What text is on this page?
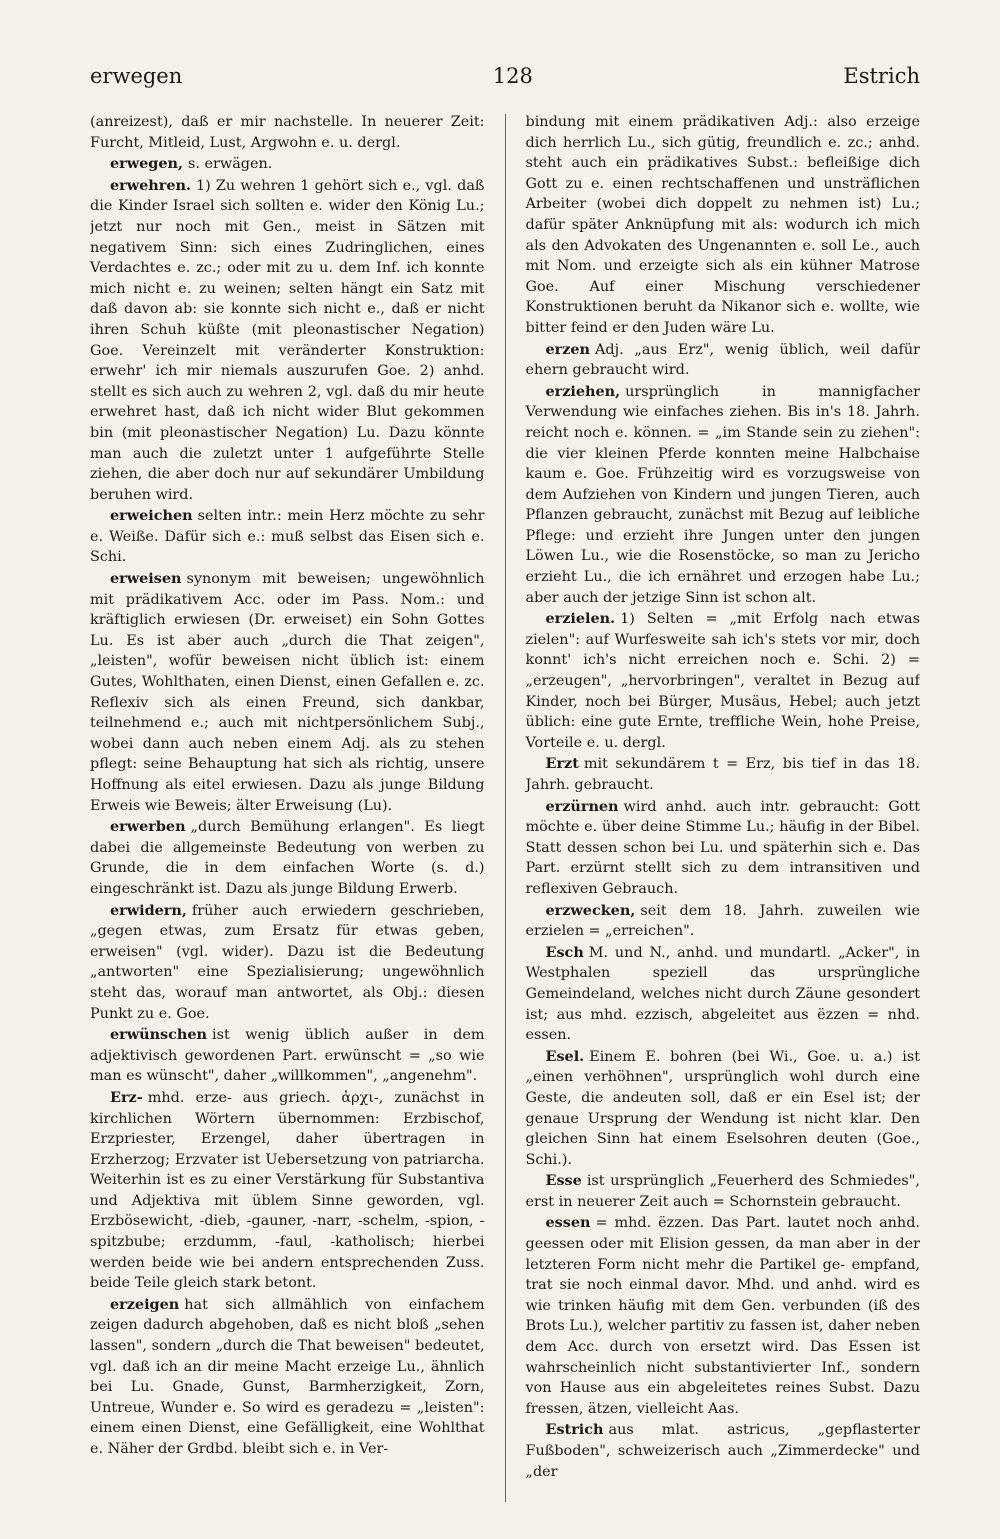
erwegen	128	Estrich

(anreizest), daß er mir nachstelle. In neuerer Zeit: Furcht, Mitleid, Lust, Argwohn e. u. dergl.

erwegen, s. erwägen.

erwehren. 1) Zu wehren 1 gehört sich e., vgl. daß die Kinder Israel sich sollten e. wider den König Lu.; jetzt nur noch mit Gen., meist in Sätzen mit negativem Sinn: sich eines Zudringlichen, eines Verdachtes e. zc.; oder mit zu u. dem Inf. ich konnte mich nicht e. zu weinen; selten hängt ein Satz mit daß davon ab: sie konnte sich nicht e., daß er nicht ihren Schuh küßte (mit pleonastischer Negation) Goe. Vereinzelt mit veränderter Konstruktion: erwehr' ich mir niemals auszurufen Goe. 2) anhd. stellt es sich auch zu wehren 2, vgl. daß du mir heute erwehret hast, daß ich nicht wider Blut gekommen bin (mit pleonastischer Negation) Lu. Dazu könnte man auch die zuletzt unter 1 aufgeführte Stelle ziehen, die aber doch nur auf sekundärer Umbildung beruhen wird.

erweichen selten intr.: mein Herz möchte zu sehr e. Weiße. Dafür sich e.: muß selbst das Eisen sich e. Schi.

erweisen synonym mit beweisen; ungewöhnlich mit prädikativem Acc. oder im Pass. Nom.: und kräftiglich erwiesen (Dr. erweiset) ein Sohn Gottes Lu. Es ist aber auch „durch die That zeigen", „leisten", wofür beweisen nicht üblich ist: einem Gutes, Wohlthaten, einen Dienst, einen Gefallen e. zc. Reflexiv sich als einen Freund, sich dankbar, teilnehmend e.; auch mit nichtpersönlichem Subj., wobei dann auch neben einem Adj. als zu stehen pflegt: seine Behauptung hat sich als richtig, unsere Hoffnung als eitel erwiesen. Dazu als junge Bildung Erweis wie Beweis; älter Erweisung (Lu).

erwerben „durch Bemühung erlangen". Es liegt dabei die allgemeinste Bedeutung von werben zu Grunde, die in dem einfachen Worte (s. d.) eingeschränkt ist. Dazu als junge Bildung Erwerb.

erwidern, früher auch erwiedern geschrieben, „gegen etwas, zum Ersatz für etwas geben, erweisen" (vgl. wider). Dazu ist die Bedeutung „antworten" eine Spezialisierung; ungewöhnlich steht das, worauf man antwortet, als Obj.: diesen Punkt zu e. Goe.

erwünschen ist wenig üblich außer in dem adjektivisch gewordenen Part. erwünscht = „so wie man es wünscht", daher „willkommen", „angenehm".

Erz- mhd. erze- aus griech. ἀρχι-, zunächst in kirchlichen Wörtern übernommen: Erzbischof, Erzpriester, Erzengel, daher übertragen in Erzherzog; Erzvater ist Uebersetzung von patriarcha. Weiterhin ist es zu einer Verstärkung für Substantiva und Adjektiva mit üblem Sinne geworden, vgl. Erzbösewicht, -dieb, -gauner, -narr, -schelm, -spion, -spitzbube; erzdumm, -faul, -katholisch; hierbei werden beide wie bei andern entsprechenden Zuss. beide Teile gleich stark betont.

erzeigen hat sich allmählich von einfachem zeigen dadurch abgehoben, daß es nicht bloß „sehen lassen", sondern „durch die That beweisen" bedeutet, vgl. daß ich an dir meine Macht erzeige Lu., ähnlich bei Lu. Gnade, Gunst, Barmherzigkeit, Zorn, Untreue, Wunder e. So wird es geradezu = „leisten": einem einen Dienst, eine Gefälligkeit, eine Wohlthat e. Näher der Grdbd. bleibt sich e. in Ver-

bindung mit einem prädikativen Adj.: also erzeige dich herrlich Lu., sich gütig, freundlich e. zc.; anhd. steht auch ein prädikatives Subst.: befleißige dich Gott zu e. einen rechtschaffenen und unsträflichen Arbeiter (wobei dich doppelt zu nehmen ist) Lu.; dafür später Anknüpfung mit als: wodurch ich mich als den Advokaten des Ungenannten e. soll Le., auch mit Nom. und erzeigte sich als ein kühner Matrose Goe. Auf einer Mischung verschiedener Konstruktionen beruht da Nikanor sich e. wollte, wie bitter feind er den Juden wäre Lu.

erzen Adj. „aus Erz", wenig üblich, weil dafür ehern gebraucht wird.

erziehen, ursprünglich in mannigfacher Verwendung wie einfaches ziehen. Bis in's 18. Jahrh. reicht noch e. können. = „im Stande sein zu ziehen": die vier kleinen Pferde konnten meine Halbchaise kaum e. Goe. Frühzeitig wird es vorzugsweise von dem Aufziehen von Kindern und jungen Tieren, auch Pflanzen gebraucht, zunächst mit Bezug auf leibliche Pflege: und erzieht ihre Jungen unter den jungen Löwen Lu., wie die Rosenstöcke, so man zu Jericho erzieht Lu., die ich ernähret und erzogen habe Lu.; aber auch der jetzige Sinn ist schon alt.

erzielen. 1) Selten = „mit Erfolg nach etwas zielen": auf Wurfesweite sah ich's stets vor mir, doch konnt' ich's nicht erreichen noch e. Schi. 2) = „erzeugen", „hervorbringen", veraltet in Bezug auf Kinder, noch bei Bürger, Musäus, Hebel; auch jetzt üblich: eine gute Ernte, treffliche Wein, hohe Preise, Vorteile e. u. dergl.

Erzt mit sekundärem t = Erz, bis tief in das 18. Jahrh. gebraucht.

erzürnen wird anhd. auch intr. gebraucht: Gott möchte e. über deine Stimme Lu.; häufig in der Bibel. Statt dessen schon bei Lu. und späterhin sich e. Das Part. erzürnt stellt sich zu dem intransitiven und reflexiven Gebrauch.

erzwecken, seit dem 18. Jahrh. zuweilen wie erzielen = „erreichen".

Esch M. und N., anhd. und mundartl. „Acker", in Westphalen speziell das ursprüngliche Gemeindeland, welches nicht durch Zäune gesondert ist; aus mhd. ezzisch, abgeleitet aus ëzzen = nhd. essen.

Esel. Einem E. bohren (bei Wi., Goe. u. a.) ist „einen verhöhnen", ursprünglich wohl durch eine Geste, die andeuten soll, daß er ein Esel ist; der genaue Ursprung der Wendung ist nicht klar. Den gleichen Sinn hat einem Eselsohren deuten (Goe., Schi.).

Esse ist ursprünglich „Feuerherd des Schmiedes", erst in neuerer Zeit auch = Schornstein gebraucht.

essen = mhd. ëzzen. Das Part. lautet noch anhd. geessen oder mit Elision gessen, da man aber in der letzteren Form nicht mehr die Partikel ge- empfand, trat sie noch einmal davor. Mhd. und anhd. wird es wie trinken häufig mit dem Gen. verbunden (iß des Brots Lu.), welcher partitiv zu fassen ist, daher neben dem Acc. durch von ersetzt wird. Das Essen ist wahrscheinlich nicht substantivierter Inf., sondern von Hause aus ein abgeleitetes reines Subst. Dazu fressen, ätzen, vielleicht Aas.

Estrich aus mlat. astricus, „gepflasterter Fußboden", schweizerisch auch „Zimmerdecke" und „der
